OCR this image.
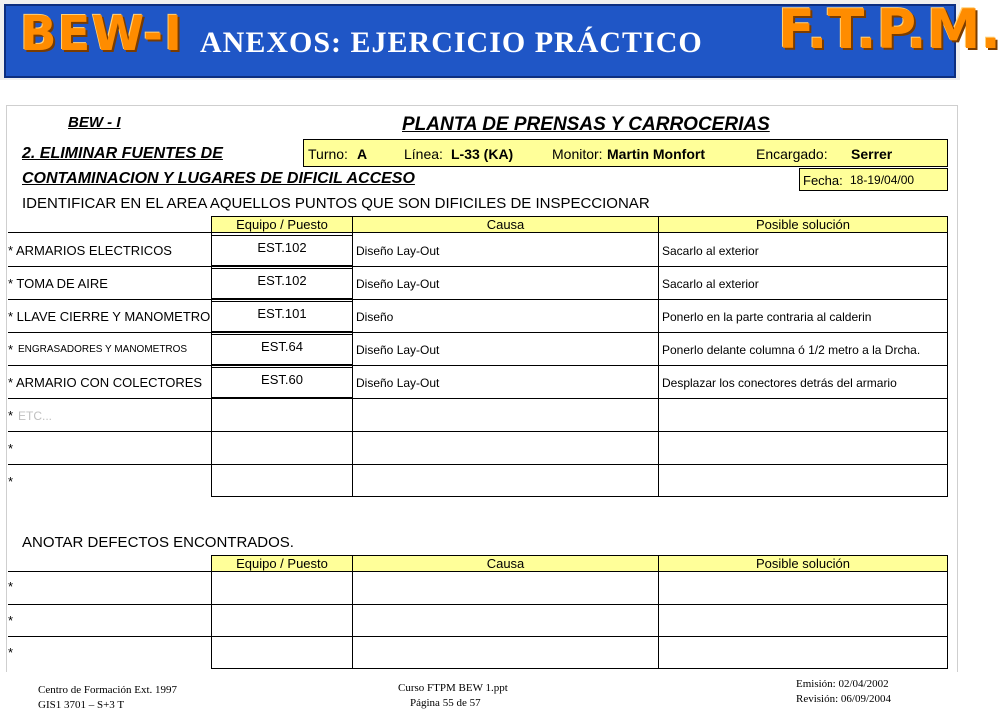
BEW-I ANEXOS: EJERCICIO PRÁCTICO F.T.P.M.
BEW - I	PLANTA DE PRENSAS Y CARROCERIAS
2. ELIMINAR FUENTES DE
CONTAMINACION Y LUGARES DE DIFICIL ACCESO
Turno: A	Línea: L-33 (KA)	Monitor: Martin Monfort	Encargado: Serrer
Fecha: 18-19/04/00
IDENTIFICAR EN EL AREA AQUELLOS PUNTOS QUE SON DIFICILES DE INSPECCIONAR
Equipo / Puesto	Causa	Posible solución
* ARMARIOS ELECTRICOS	EST.102	Diseño Lay-Out	Sacarlo al exterior
* TOMA DE AIRE	EST.102	Diseño Lay-Out	Sacarlo al exterior
* LLAVE CIERRE Y MANOMETRO	EST.101	Diseño	Ponerlo en la parte contraria al calderin
* ENGRASADORES Y MANOMETROS	EST.64	Diseño Lay-Out	Ponerlo delante columna ó 1/2 metro a la Drcha.
* ARMARIO CON COLECTORES	EST.60	Diseño Lay-Out	Desplazar los conectores detrás del armario
* ETC...
*
*
ANOTAR DEFECTOS ENCONTRADOS.
Equipo / Puesto	Causa	Posible solución
*
*
*
Centro de Formación Ext. 1997
GIS1 3701 – S+3 T
Curso FTPM BEW 1.ppt
Página 55 de 57
Emisión: 02/04/2002
Revisión: 06/09/2004
